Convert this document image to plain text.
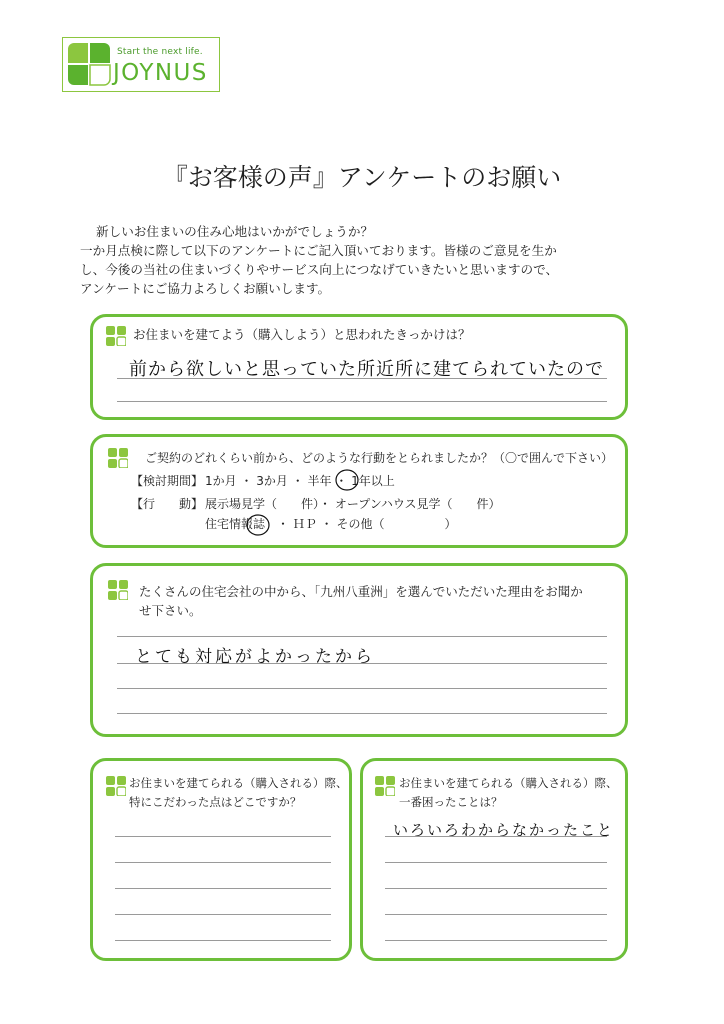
Start the next life.
JOYNUS
『お客様の声』アンケートのお願い
新しいお住まいの住み心地はいかがでしょうか？
一か月点検に際して以下のアンケートにご記入頂いております。皆様のご意見を生か
し、今後の当社の住まいづくりやサービス向上につなげていきたいと思いますので、
アンケートにご協力よろしくお願いします。
お住まいを建てよう（購入しよう）と思われたきっかけは？
前から欲しいと思っていた所近所に建てられていたので
ご契約のどれくらい前から、どのような行動をとられましたか？（〇で囲んで下さい）
【検討期間】 1か月 ・ 3か月 ・ 半年 ・ 1年以上
【行　　動】 展示場見学（　　件）・ オープンハウス見学（　　件）
住宅情報誌　・ ＨＰ ・ その他（　　　　　）
たくさんの住宅会社の中から、「九州八重洲」を選んでいただいた理由をお聞か
せ下さい。
とても対応がよかったから
お住まいを建てられる（購入される）際、
特にこだわった点はどこですか？
お住まいを建てられる（購入される）際、
一番困ったことは？
いろいろわからなかったこと
